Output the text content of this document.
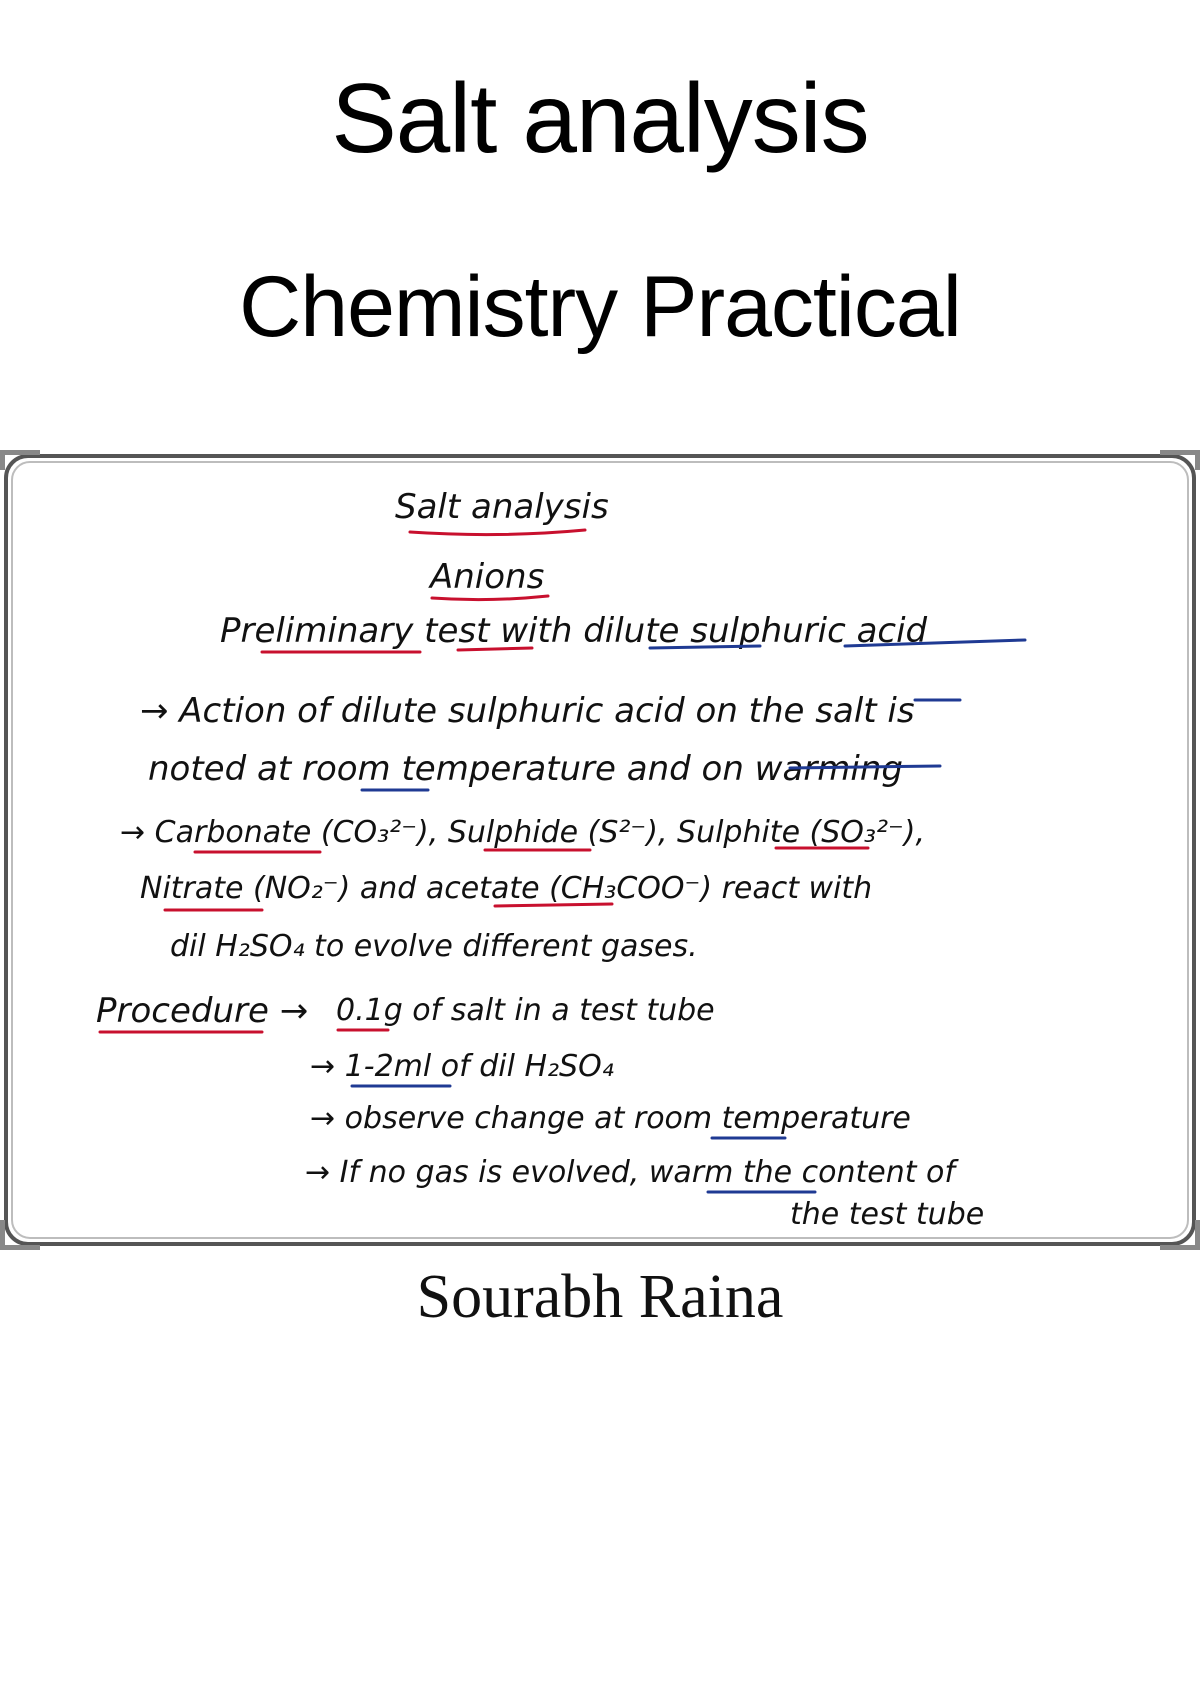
Salt analysis
Chemistry Practical
Salt analysis
Anions
Preliminary test with dilute sulphuric acid
→ Action of dilute sulphuric acid on the salt is
noted at room temperature and on warming
→ Carbonate (CO₃²⁻), Sulphide (S²⁻), Sulphite (SO₃²⁻),
Nitrate (NO₂⁻) and acetate (CH₃COO⁻) react with
dil H₂SO₄ to evolve different gases.
Procedure → 0.1g of salt in a test tube
→ 1-2ml of dil H₂SO₄
→ observe change at room temperature
→ If no gas is evolved, warm the content of
the test tube
Sourabh Raina
